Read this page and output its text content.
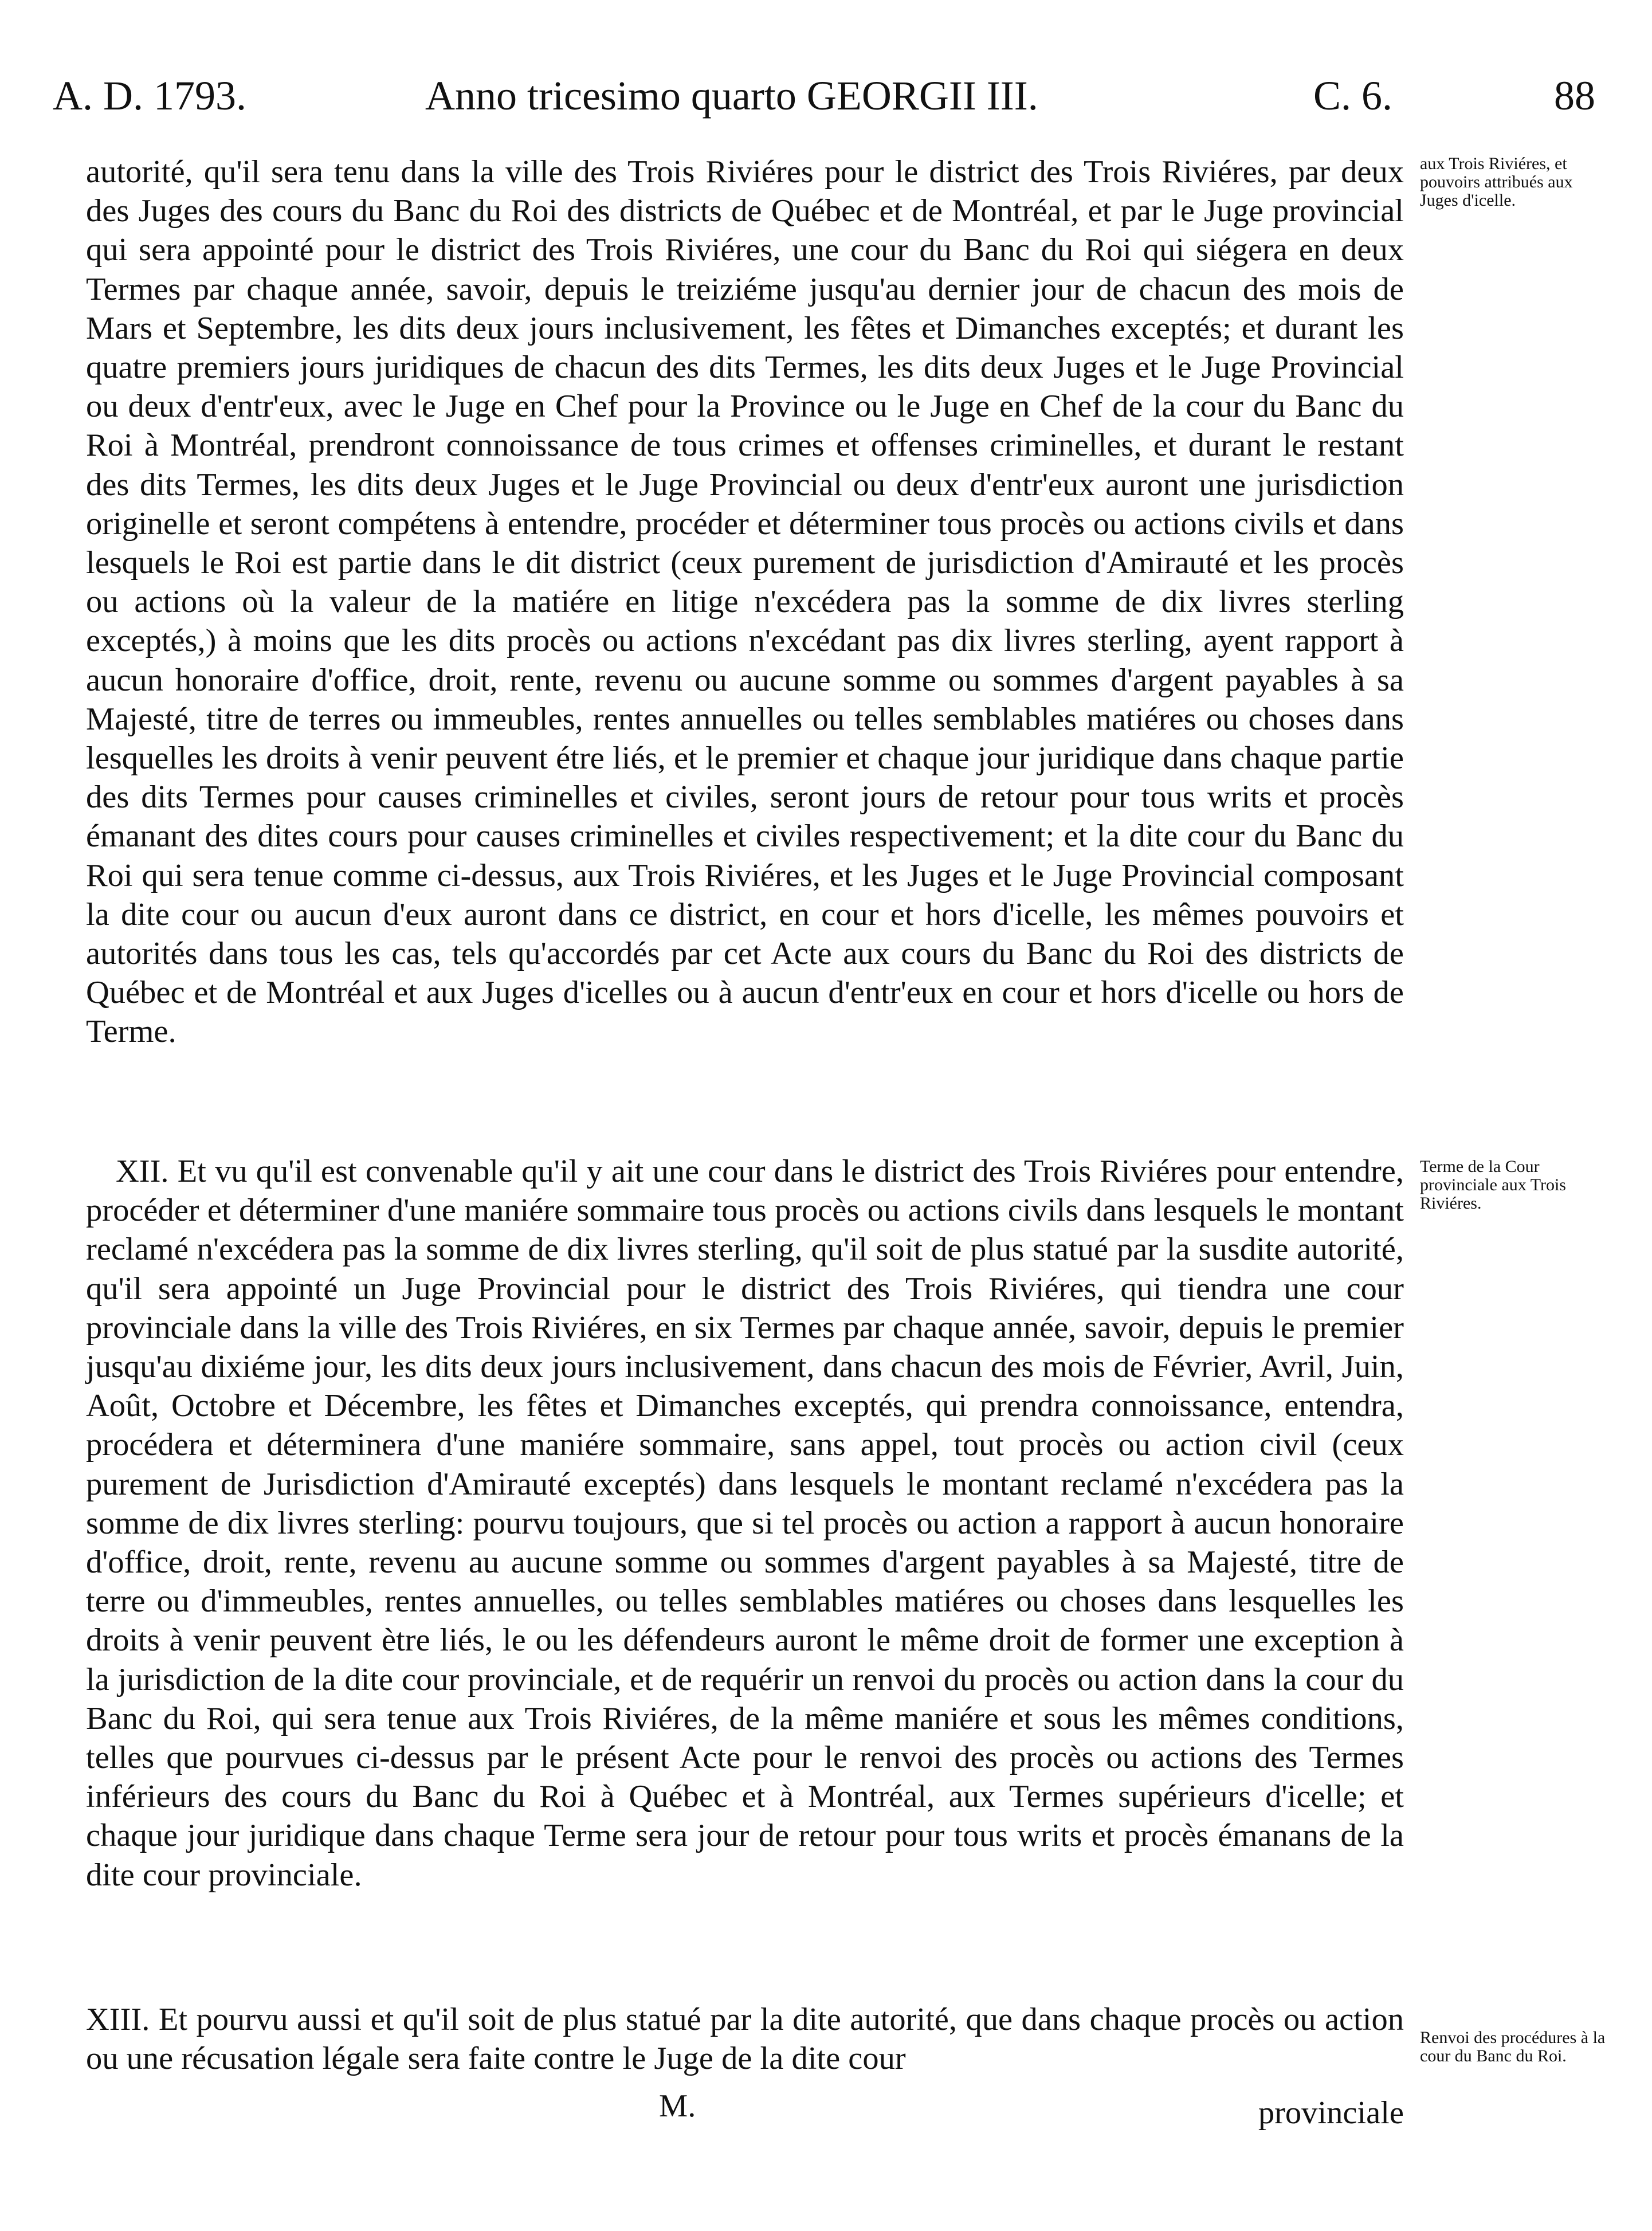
A. D. 1793.	Anno tricesimo quarto GEORGII III.	C. 6.	88

autorité, qu'il sera tenu dans la ville des Trois Riviéres pour le district des Trois Riviéres, par deux des Juges des cours du Banc du Roi des districts de Québec et de Montréal, et par le Juge provincial qui sera appointé pour le district des Trois Riviéres, une cour du Banc du Roi qui siégera en deux Termes par chaque année, savoir, depuis le treiziéme jusqu'au dernier jour de chacun des mois de Mars et Septembre, les dits deux jours inclusivement, les fêtes et Dimanches exceptés; et durant les quatre premiers jours juridiques de chacun des dits Termes, les dits deux Juges et le Juge Provincial ou deux d'entr'eux, avec le Juge en Chef pour la Province ou le Juge en Chef de la cour du Banc du Roi à Montréal, prendront connoissance de tous crimes et offenses criminelles, et durant le restant des dits Termes, les dits deux Juges et le Juge Provincial ou deux d'entr'eux auront une jurisdiction originelle et seront compétens à entendre, procéder et déterminer tous procès ou actions civils et dans lesquels le Roi est partie dans le dit district (ceux purement de jurisdiction d'Amirauté et les procès ou actions où la valeur de la matiére en litige n'excédera pas la somme de dix livres sterling exceptés,) à moins que les dits procès ou actions n'excédant pas dix livres sterling, ayent rapport à aucun honoraire d'office, droit, rente, revenu ou aucune somme ou sommes d'argent payables à sa Majesté, titre de terres ou immeubles, rentes annuelles ou telles semblables matiéres ou choses dans lesquelles les droits à venir peuvent étre liés, et le premier et chaque jour juridique dans chaque partie des dits Termes pour causes criminelles et civiles, seront jours de retour pour tous writs et procès émanant des dites cours pour causes criminelles et civiles respectivement; et la dite cour du Banc du Roi qui sera tenue comme ci-dessus, aux Trois Riviéres, et les Juges et le Juge Provincial composant la dite cour ou aucun d'eux auront dans ce district, en cour et hors d'icelle, les mêmes pouvoirs et autorités dans tous les cas, tels qu'accordés par cet Acte aux cours du Banc du Roi des districts de Québec et de Montréal et aux Juges d'icelles ou à aucun d'entr'eux en cour et hors d'icelle ou hors de Terme.

XII. Et vu qu'il est convenable qu'il y ait une cour dans le district des Trois Riviéres pour entendre, procéder et déterminer d'une maniére sommaire tous procès ou actions civils dans lesquels le montant reclamé n'excédera pas la somme de dix livres sterling, qu'il soit de plus statué par la susdite autorité, qu'il sera appointé un Juge Provincial pour le district des Trois Riviéres, qui tiendra une cour provinciale dans la ville des Trois Riviéres, en six Termes par chaque année, savoir, depuis le premier jusqu'au dixiéme jour, les dits deux jours inclusivement, dans chacun des mois de Février, Avril, Juin, Août, Octobre et Décembre, les fêtes et Dimanches exceptés, qui prendra connoissance, entendra, procédera et déterminera d'une maniére sommaire, sans appel, tout procès ou action civil (ceux purement de Jurisdiction d'Amirauté exceptés) dans lesquels le montant reclamé n'excédera pas la somme de dix livres sterling: pourvu toujours, que si tel procès ou action a rapport à aucun honoraire d'office, droit, rente, revenu au aucune somme ou sommes d'argent payables à sa Majesté, titre de terre ou d'immeubles, rentes annuelles, ou telles semblables matiéres ou choses dans lesquelles les droits à venir peuvent ètre liés, le ou les défendeurs auront le même droit de former une exception à la jurisdiction de la dite cour provinciale, et de requérir un renvoi du procès ou action dans la cour du Banc du Roi, qui sera tenue aux Trois Riviéres, de la même maniére et sous les mêmes conditions, telles que pourvues ci-dessus par le présent Acte pour le renvoi des procès ou actions des Termes inférieurs des cours du Banc du Roi à Québec et à Montréal, aux Termes supérieurs d'icelle; et chaque jour juridique dans chaque Terme sera jour de retour pour tous writs et procès émanans de la dite cour provinciale.

XIII. Et pourvu aussi et qu'il soit de plus statué par la dite autorité, que dans chaque procès ou action ou une récusation légale sera faite contre le Juge de la dite cour

aux Trois Riviéres, et pouvoirs attribués aux Juges d'icelle.
Terme de la Cour provinciale aux Trois Riviéres.
Renvoi des procédures à la cour du Banc du Roi.
M.	provinciale
